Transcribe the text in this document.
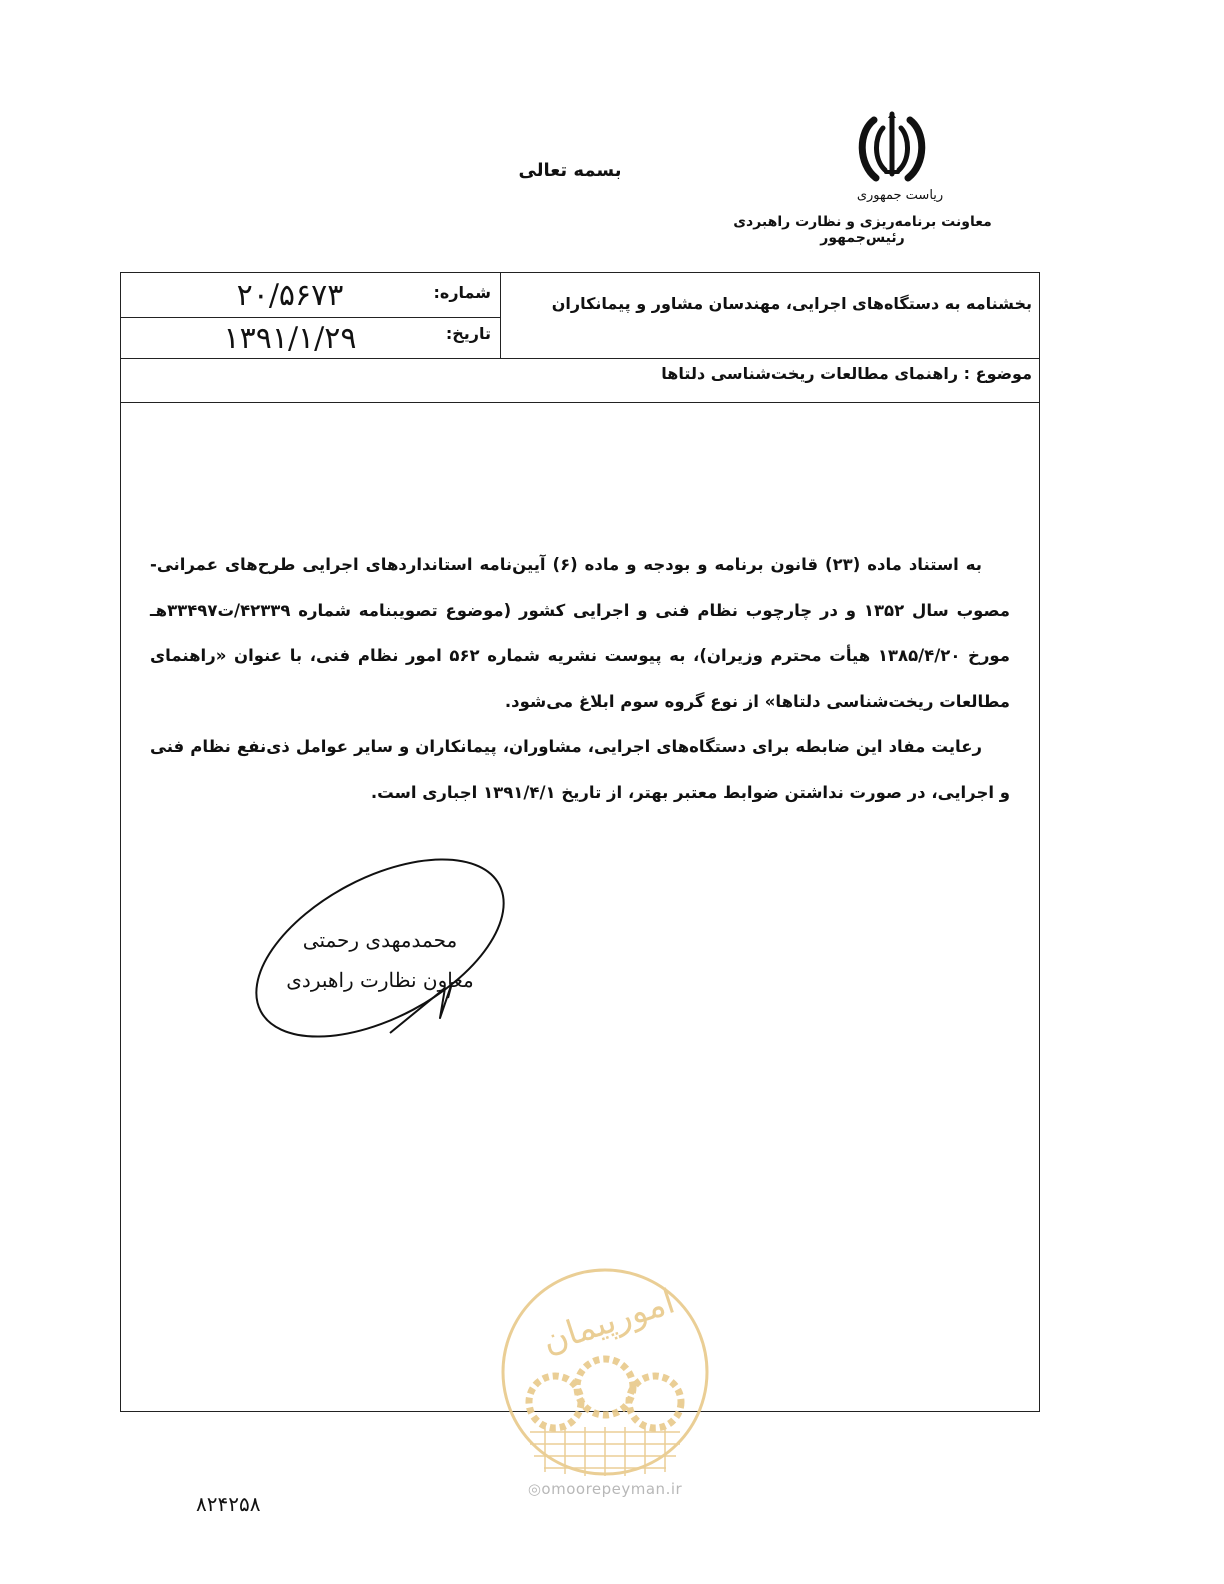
بسمه تعالی
ریاست جمهوری
معاونت برنامه‌ریزی و نظارت راهبردی رئیس‌جمهور
بخشنامه به دستگاه‌های اجرایی، مهندسان مشاور و پیمانکاران
شماره:
۲۰/۵۶۷۳
تاریخ:
۱۳۹۱/۱/۲۹
موضوع : راهنمای مطالعات ریخت‌شناسی دلتاها

به استناد ماده (۲۳) قانون برنامه و بودجه و ماده (۶) آیین‌نامه استانداردهای اجرایی طرح‌های عمرانی- مصوب سال ۱۳۵۲ و در چارچوب نظام فنی و اجرایی کشور (موضوع تصویبنامه شماره ۴۲۳۳۹/ت۳۳۴۹۷هـ مورخ ۱۳۸۵/۴/۲۰ هیأت محترم وزیران)، به پیوست نشریه شماره ۵۶۲ امور نظام فنی، با عنوان «راهنمای مطالعات ریخت‌شناسی دلتاها» از نوع گروه سوم ابلاغ می‌شود.

رعایت مفاد این ضابطه برای دستگاه‌های اجرایی، مشاوران، پیمانکاران و سایر عوامل ذی‌نفع نظام فنی و اجرایی، در صورت نداشتن ضوابط معتبر بهتر، از تاریخ ۱۳۹۱/۴/۱ اجباری است.

محمدمهدی رحمتی
معاون نظارت راهبردی
امورپیمان
◎omoorepeyman.ir
۸۲۴۲۵۸
